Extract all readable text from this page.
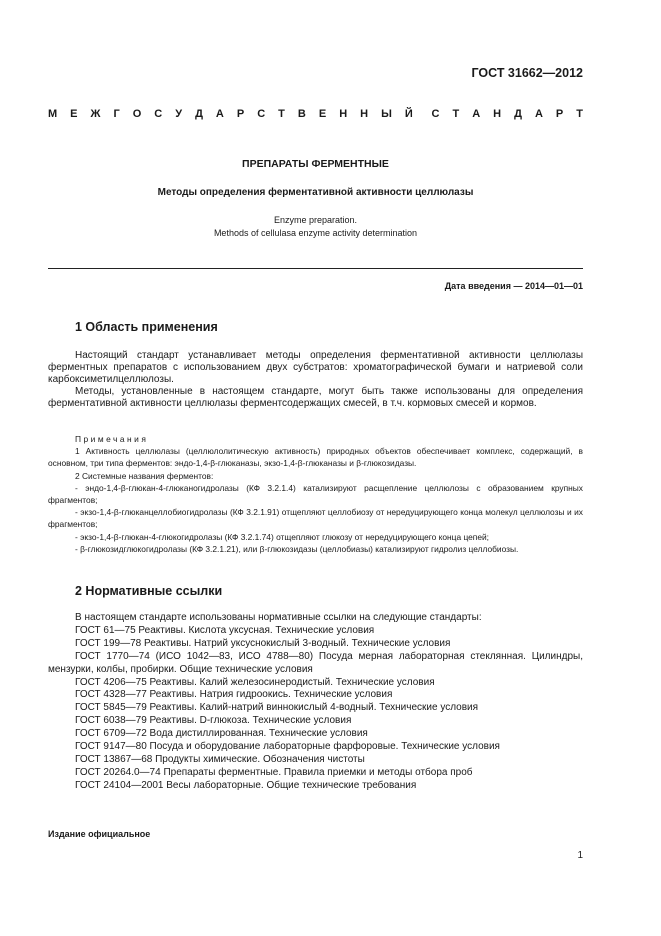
ГОСТ 31662—2012
М Е Ж Г О С У Д А Р С Т В Е Н Н Ы Й С Т А Н Д А Р Т
ПРЕПАРАТЫ ФЕРМЕНТНЫЕ
Методы определения ферментативной активности целлюлазы
Enzyme preparation.
Methods of cellulasa enzyme activity determination
Дата введения — 2014—01—01
1 Область применения

Настоящий стандарт устанавливает методы определения ферментативной активности целлюлазы ферментных препаратов с использованием двух субстратов: хроматографической бумаги и натриевой соли карбоксиметилцеллюлозы.

Методы, установленные в настоящем стандарте, могут быть также использованы для определения ферментативной активности целлюлазы ферментсодержащих смесей, в т.ч. кормовых смесей и кормов.

Примечания

1 Активность целлюлазы (целлюлолитическую активность) природных объектов обеспечивает комплекс, содержащий, в основном, три типа ферментов: эндо-1,4-β-глюканазы, экзо-1,4-β-глюканазы и β-глюкозидазы.

2 Системные названия ферментов:

- эндо-1,4-β-глюкан-4-глюканогидролазы (КФ 3.2.1.4) катализируют расщепление целлюлозы с образованием крупных фрагментов;

- экзо-1,4-β-глюканцеллобиогидролазы (КФ 3.2.1.91) отщепляют целлобиозу от нередуцирующего конца молекул целлюлозы и их фрагментов;

- экзо-1,4-β-глюкан-4-глюкогидролазы (КФ 3.2.1.74) отщепляют глюкозу от нередуцирующего конца цепей;

- β-глюкозидглюкогидролазы (КФ 3.2.1.21), или β-глюкозидазы (целлобиазы) катализируют гидролиз целлобиозы.

2 Нормативные ссылки

В настоящем стандарте использованы нормативные ссылки на следующие стандарты:

ГОСТ 61—75 Реактивы. Кислота уксусная. Технические условия

ГОСТ 199—78 Реактивы. Натрий уксуснокислый 3-водный. Технические условия

ГОСТ 1770—74 (ИСО 1042—83, ИСО 4788—80) Посуда мерная лабораторная стеклянная. Цилиндры, мензурки, колбы, пробирки. Общие технические условия

ГОСТ 4206—75 Реактивы. Калий железосинеродистый. Технические условия

ГОСТ 4328—77 Реактивы. Натрия гидроокись. Технические условия

ГОСТ 5845—79 Реактивы. Калий-натрий виннокислый 4-водный. Технические условия

ГОСТ 6038—79 Реактивы. D-глюкоза. Технические условия

ГОСТ 6709—72 Вода дистиллированная. Технические условия

ГОСТ 9147—80 Посуда и оборудование лабораторные фарфоровые. Технические условия

ГОСТ 13867—68 Продукты химические. Обозначения чистоты

ГОСТ 20264.0—74 Препараты ферментные. Правила приемки и методы отбора проб

ГОСТ 24104—2001 Весы лабораторные. Общие технические требования

Издание официальное
1
